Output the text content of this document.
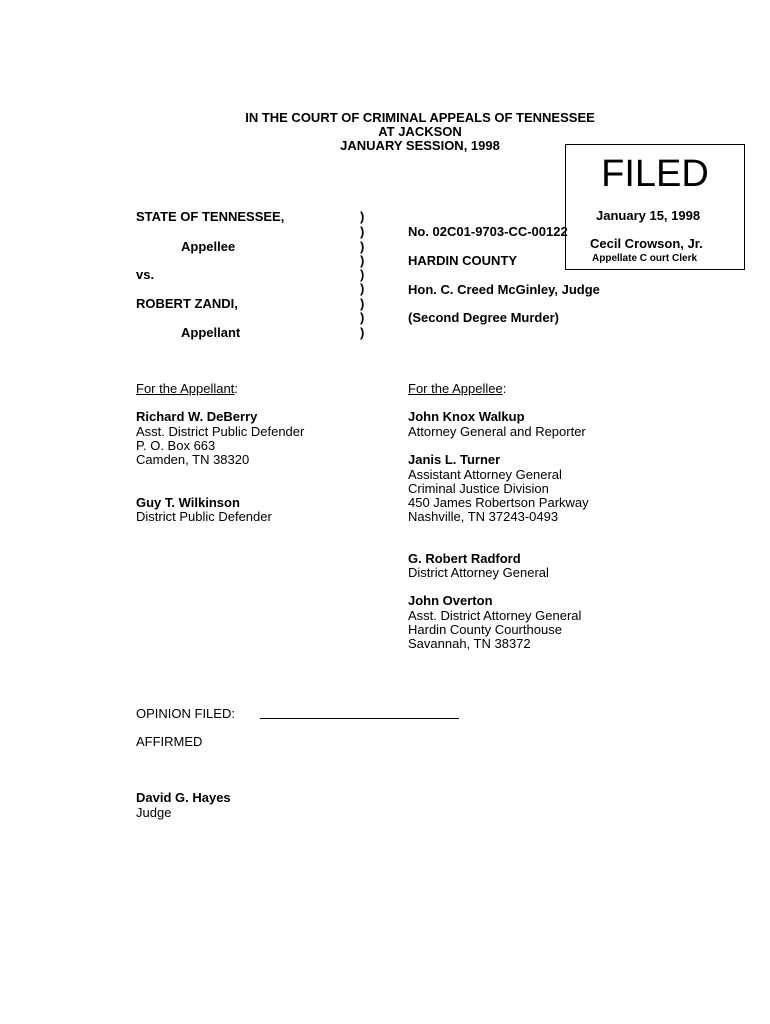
IN THE COURT OF CRIMINAL APPEALS OF TENNESSEE
AT JACKSON
JANUARY SESSION, 1998
FILED
January 15, 1998
Cecil Crowson, Jr.
Appellate C ourt Clerk
STATE OF TENNESSEE,
Appellee
vs.
ROBERT ZANDI,
Appellant
)
)
)
)
)
)
)
)
)
No. 02C01-9703-CC-00122
HARDIN COUNTY
Hon. C. Creed McGinley, Judge
(Second Degree Murder)
For the Appellant:
Richard W. DeBerry
Asst. District Public Defender
P. O. Box 663
Camden, TN 38320
Guy T. Wilkinson
District Public Defender
For the Appellee:
John Knox Walkup
Attorney General and Reporter
Janis L. Turner
Assistant Attorney General
Criminal Justice Division
450 James Robertson Parkway
Nashville, TN 37243-0493
G. Robert Radford
District Attorney General
John Overton
Asst. District Attorney General
Hardin County Courthouse
Savannah, TN 38372
OPINION FILED:
AFFIRMED
David G. Hayes
Judge
